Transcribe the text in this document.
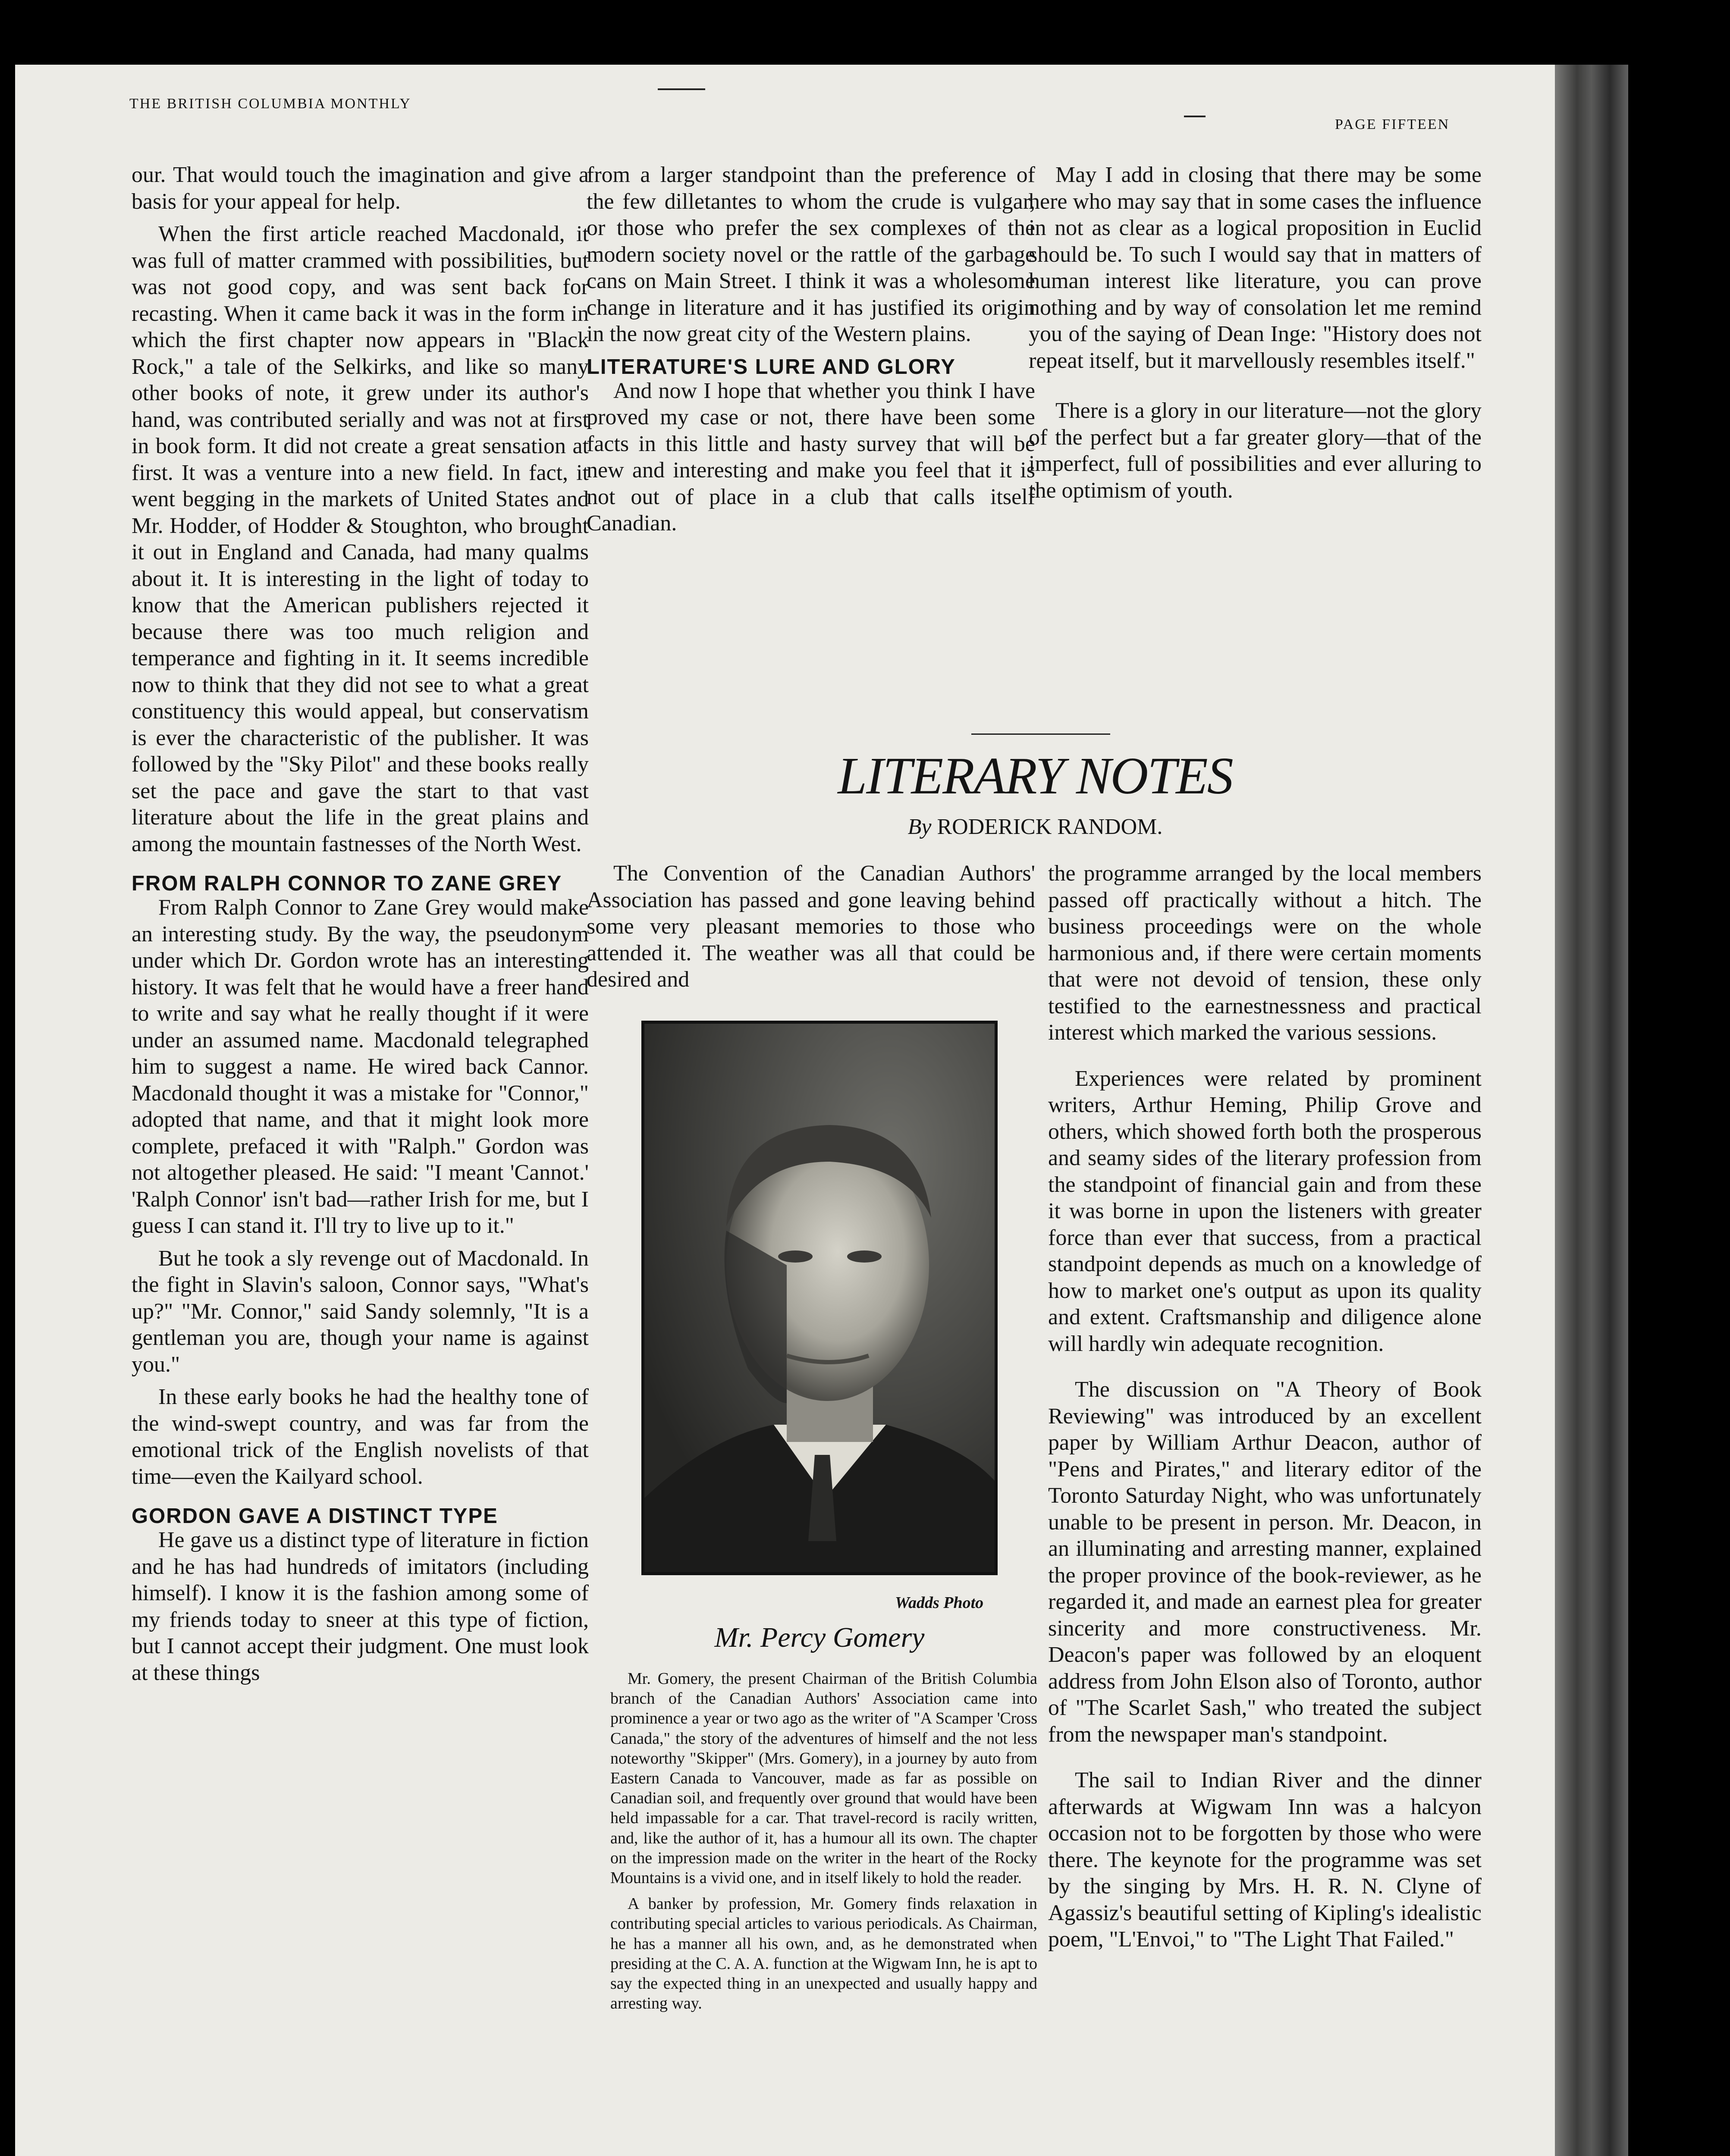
THE BRITISH COLUMBIA MONTHLY

PAGE FIFTEEN

our. That would touch the imagination and give a basis for your appeal for help.

When the first article reached Macdonald, it was full of matter crammed with possibilities, but was not good copy, and was sent back for recasting. When it came back it was in the form in which the first chapter now appears in "Black Rock," a tale of the Selkirks, and like so many other books of note, it grew under its author's hand, was contributed serially and was not at first in book form. It did not create a great sensation at first. It was a venture into a new field. In fact, it went begging in the markets of United States and Mr. Hodder, of Hodder & Stoughton, who brought it out in England and Canada, had many qualms about it. It is interesting in the light of today to know that the American publishers rejected it because there was too much religion and temperance and fighting in it. It seems incredible now to think that they did not see to what a great constituency this would appeal, but conservatism is ever the characteristic of the publisher. It was followed by the "Sky Pilot" and these books really set the pace and gave the start to that vast literature about the life in the great plains and among the mountain fastnesses of the North West.

FROM RALPH CONNOR TO ZANE GREY

From Ralph Connor to Zane Grey would make an interesting study. By the way, the pseudonym under which Dr. Gordon wrote has an interesting history. It was felt that he would have a freer hand to write and say what he really thought if it were under an assumed name. Macdonald telegraphed him to suggest a name. He wired back Cannor. Macdonald thought it was a mistake for "Connor," adopted that name, and that it might look more complete, prefaced it with "Ralph." Gordon was not altogether pleased. He said: "I meant 'Cannot.' 'Ralph Connor' isn't bad—rather Irish for me, but I guess I can stand it. I'll try to live up to it."

But he took a sly revenge out of Macdonald. In the fight in Slavin's saloon, Connor says, "What's up?" "Mr. Connor," said Sandy solemnly, "It is a gentleman you are, though your name is against you."

In these early books he had the healthy tone of the wind-swept country, and was far from the emotional trick of the English novelists of that time—even the Kailyard school.

GORDON GAVE A DISTINCT TYPE

He gave us a distinct type of literature in fiction and he has had hundreds of imitators (including himself). I know it is the fashion among some of my friends today to sneer at this type of fiction, but I cannot accept their judgment. One must look at these things

from a larger standpoint than the preference of the few dilletantes to whom the crude is vulgar, or those who prefer the sex complexes of the modern society novel or the rattle of the garbage cans on Main Street. I think it was a wholesome change in literature and it has justified its origin in the now great city of the Western plains.

LITERATURE'S LURE AND GLORY

And now I hope that whether you think I have proved my case or not, there have been some facts in this little and hasty survey that will be new and interesting and make you feel that it is not out of place in a club that calls itself Canadian.

May I add in closing that there may be some here who may say that in some cases the influence in not as clear as a logical proposition in Euclid should be. To such I would say that in matters of human interest like literature, you can prove nothing and by way of consolation let me remind you of the saying of Dean Inge: "History does not repeat itself, but it marvellously resembles itself."

There is a glory in our literature—not the glory of the perfect but a far greater glory—that of the imperfect, full of possibilities and ever alluring to the optimism of youth.

LITERARY NOTES
By RODERICK RANDOM.

The Convention of the Canadian Authors' Association has passed and gone leaving behind some very pleasant memories to those who attended it. The weather was all that could be desired and

Wadds Photo
Mr. Percy Gomery

Mr. Gomery, the present Chairman of the British Columbia branch of the Canadian Authors' Association came into prominence a year or two ago as the writer of "A Scamper 'Cross Canada," the story of the adventures of himself and the not less noteworthy "Skipper" (Mrs. Gomery), in a journey by auto from Eastern Canada to Vancouver, made as far as possible on Canadian soil, and frequently over ground that would have been held impassable for a car. That travel-record is racily written, and, like the author of it, has a humour all its own. The chapter on the impression made on the writer in the heart of the Rocky Mountains is a vivid one, and in itself likely to hold the reader.

A banker by profession, Mr. Gomery finds relaxation in contributing special articles to various periodicals. As Chairman, he has a manner all his own, and, as he demonstrated when presiding at the C. A. A. function at the Wigwam Inn, he is apt to say the expected thing in an unexpected and usually happy and arresting way.

the programme arranged by the local members passed off practically without a hitch. The business proceedings were on the whole harmonious and, if there were certain moments that were not devoid of tension, these only testified to the earnestnessness and practical interest which marked the various sessions.

Experiences were related by prominent writers, Arthur Heming, Philip Grove and others, which showed forth both the prosperous and seamy sides of the literary profession from the standpoint of financial gain and from these it was borne in upon the listeners with greater force than ever that success, from a practical standpoint depends as much on a knowledge of how to market one's output as upon its quality and extent. Craftsmanship and diligence alone will hardly win adequate recognition.

The discussion on "A Theory of Book Reviewing" was introduced by an excellent paper by William Arthur Deacon, author of "Pens and Pirates," and literary editor of the Toronto Saturday Night, who was unfortunately unable to be present in person. Mr. Deacon, in an illuminating and arresting manner, explained the proper province of the book-reviewer, as he regarded it, and made an earnest plea for greater sincerity and more constructiveness. Mr. Deacon's paper was followed by an eloquent address from John Elson also of Toronto, author of "The Scarlet Sash," who treated the subject from the newspaper man's standpoint.

The sail to Indian River and the dinner afterwards at Wigwam Inn was a halcyon occasion not to be forgotten by those who were there. The keynote for the programme was set by the singing by Mrs. H. R. N. Clyne of Agassiz's beautiful setting of Kipling's idealistic poem, "L'Envoi," to "The Light That Failed."
